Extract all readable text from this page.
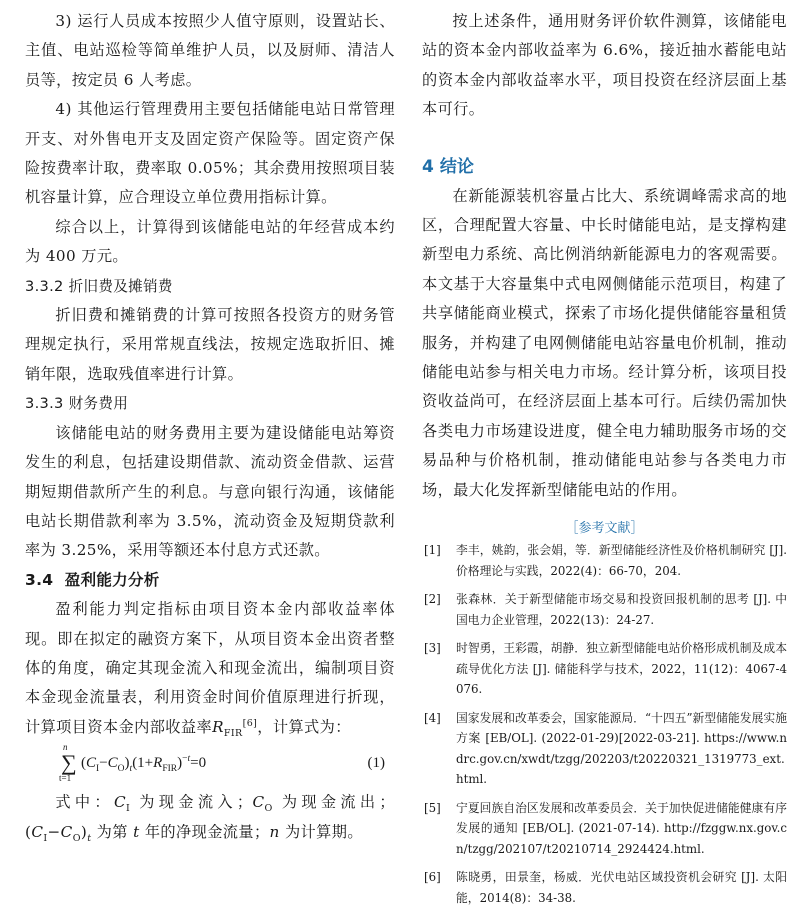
3) 运行人员成本按照少人值守原则，设置站长、主值、电站巡检等简单维护人员，以及厨师、清洁人员等，按定员 6 人考虑。

4) 其他运行管理费用主要包括储能电站日常管理开支、对外售电开支及固定资产保险等。固定资产保险按费率计取，费率取 0.05%；其余费用按照项目装机容量计算，应合理设立单位费用指标计算。

综合以上，计算得到该储能电站的年经营成本约为 400 万元。

3.3.2 折旧费及摊销费

折旧费和摊销费的计算可按照各投资方的财务管理规定执行，采用常规直线法，按规定选取折旧、摊销年限，选取残值率进行计算。

3.3.3 财务费用

该储能电站的财务费用主要为建设储能电站筹资发生的利息，包括建设期借款、流动资金借款、运营期短期借款所产生的利息。与意向银行沟通，该储能电站长期借款利率为 3.5%，流动资金及短期贷款利率为 3.25%，采用等额还本付息方式还款。

3.4 盈利能力分析

盈利能力判定指标由项目资本金内部收益率体现。即在拟定的融资方案下，从项目资本金出资者整体的角度，确定其现金流入和现金流出，编制项目资本金现金流量表，利用资金时间价值原理进行折现，计算项目资本金内部收益率$R_{FIR}[6]$，计算式为：

n
∑
t=1
$(C_I-C_O)_t(1+R_{FIR})^{-t}=0$	(1)

式中：$C_I$ 为现金流入；$C_O$ 为现金流出；$(C_I-C_O)_t$ 为第 t 年的净现金流量；n 为计算期。

按上述条件，通用财务评价软件测算，该储能电站的资本金内部收益率为 6.6%，接近抽水蓄能电站的资本金内部收益率水平，项目投资在经济层面上基本可行。

4 结论

在新能源装机容量占比大、系统调峰需求高的地区，合理配置大容量、中长时储能电站，是支撑构建新型电力系统、高比例消纳新能源电力的客观需要。本文基于大容量集中式电网侧储能示范项目，构建了共享储能商业模式，探索了市场化提供储能容量租赁服务，并构建了电网侧储能电站容量电价机制，推动储能电站参与相关电力市场。经计算分析，该项目投资收益尚可，在经济层面上基本可行。后续仍需加快各类电力市场建设进度，健全电力辅助服务市场的交易品种与价格机制，推动储能电站参与各类电力市场，最大化发挥新型储能电站的作用。

［参考文献］
[1] 李丰，姚韵，张会娟，等．新型储能经济性及价格机制研究 [J]. 价格理论与实践，2022(4)：66-70，204.
[2] 张森林．关于新型储能市场交易和投资回报机制的思考 [J]. 中国电力企业管理，2022(13)：24-27.
[3] 时智勇，王彩霞，胡静．独立新型储能电站价格形成机制及成本疏导优化方法 [J]. 储能科学与技术，2022，11(12)：4067-4076.
[4] 国家发展和改革委会，国家能源局．“十四五”新型储能发展实施方案 [EB/OL]. (2022-01-29)[2022-03-21]. https://www.ndrc.gov.cn/xwdt/tzgg/202203/t20220321_1319773_ext.html.
[5] 宁夏回族自治区发展和改革委员会．关于加快促进储能健康有序发展的通知 [EB/OL]. (2021-07-14). http://fzggw.nx.gov.cn/tzgg/202107/t20210714_2924424.html.
[6] 陈晓勇，田景奎，杨威．光伏电站区域投资机会研究 [J]. 太阳能，2014(8)：34-38.
